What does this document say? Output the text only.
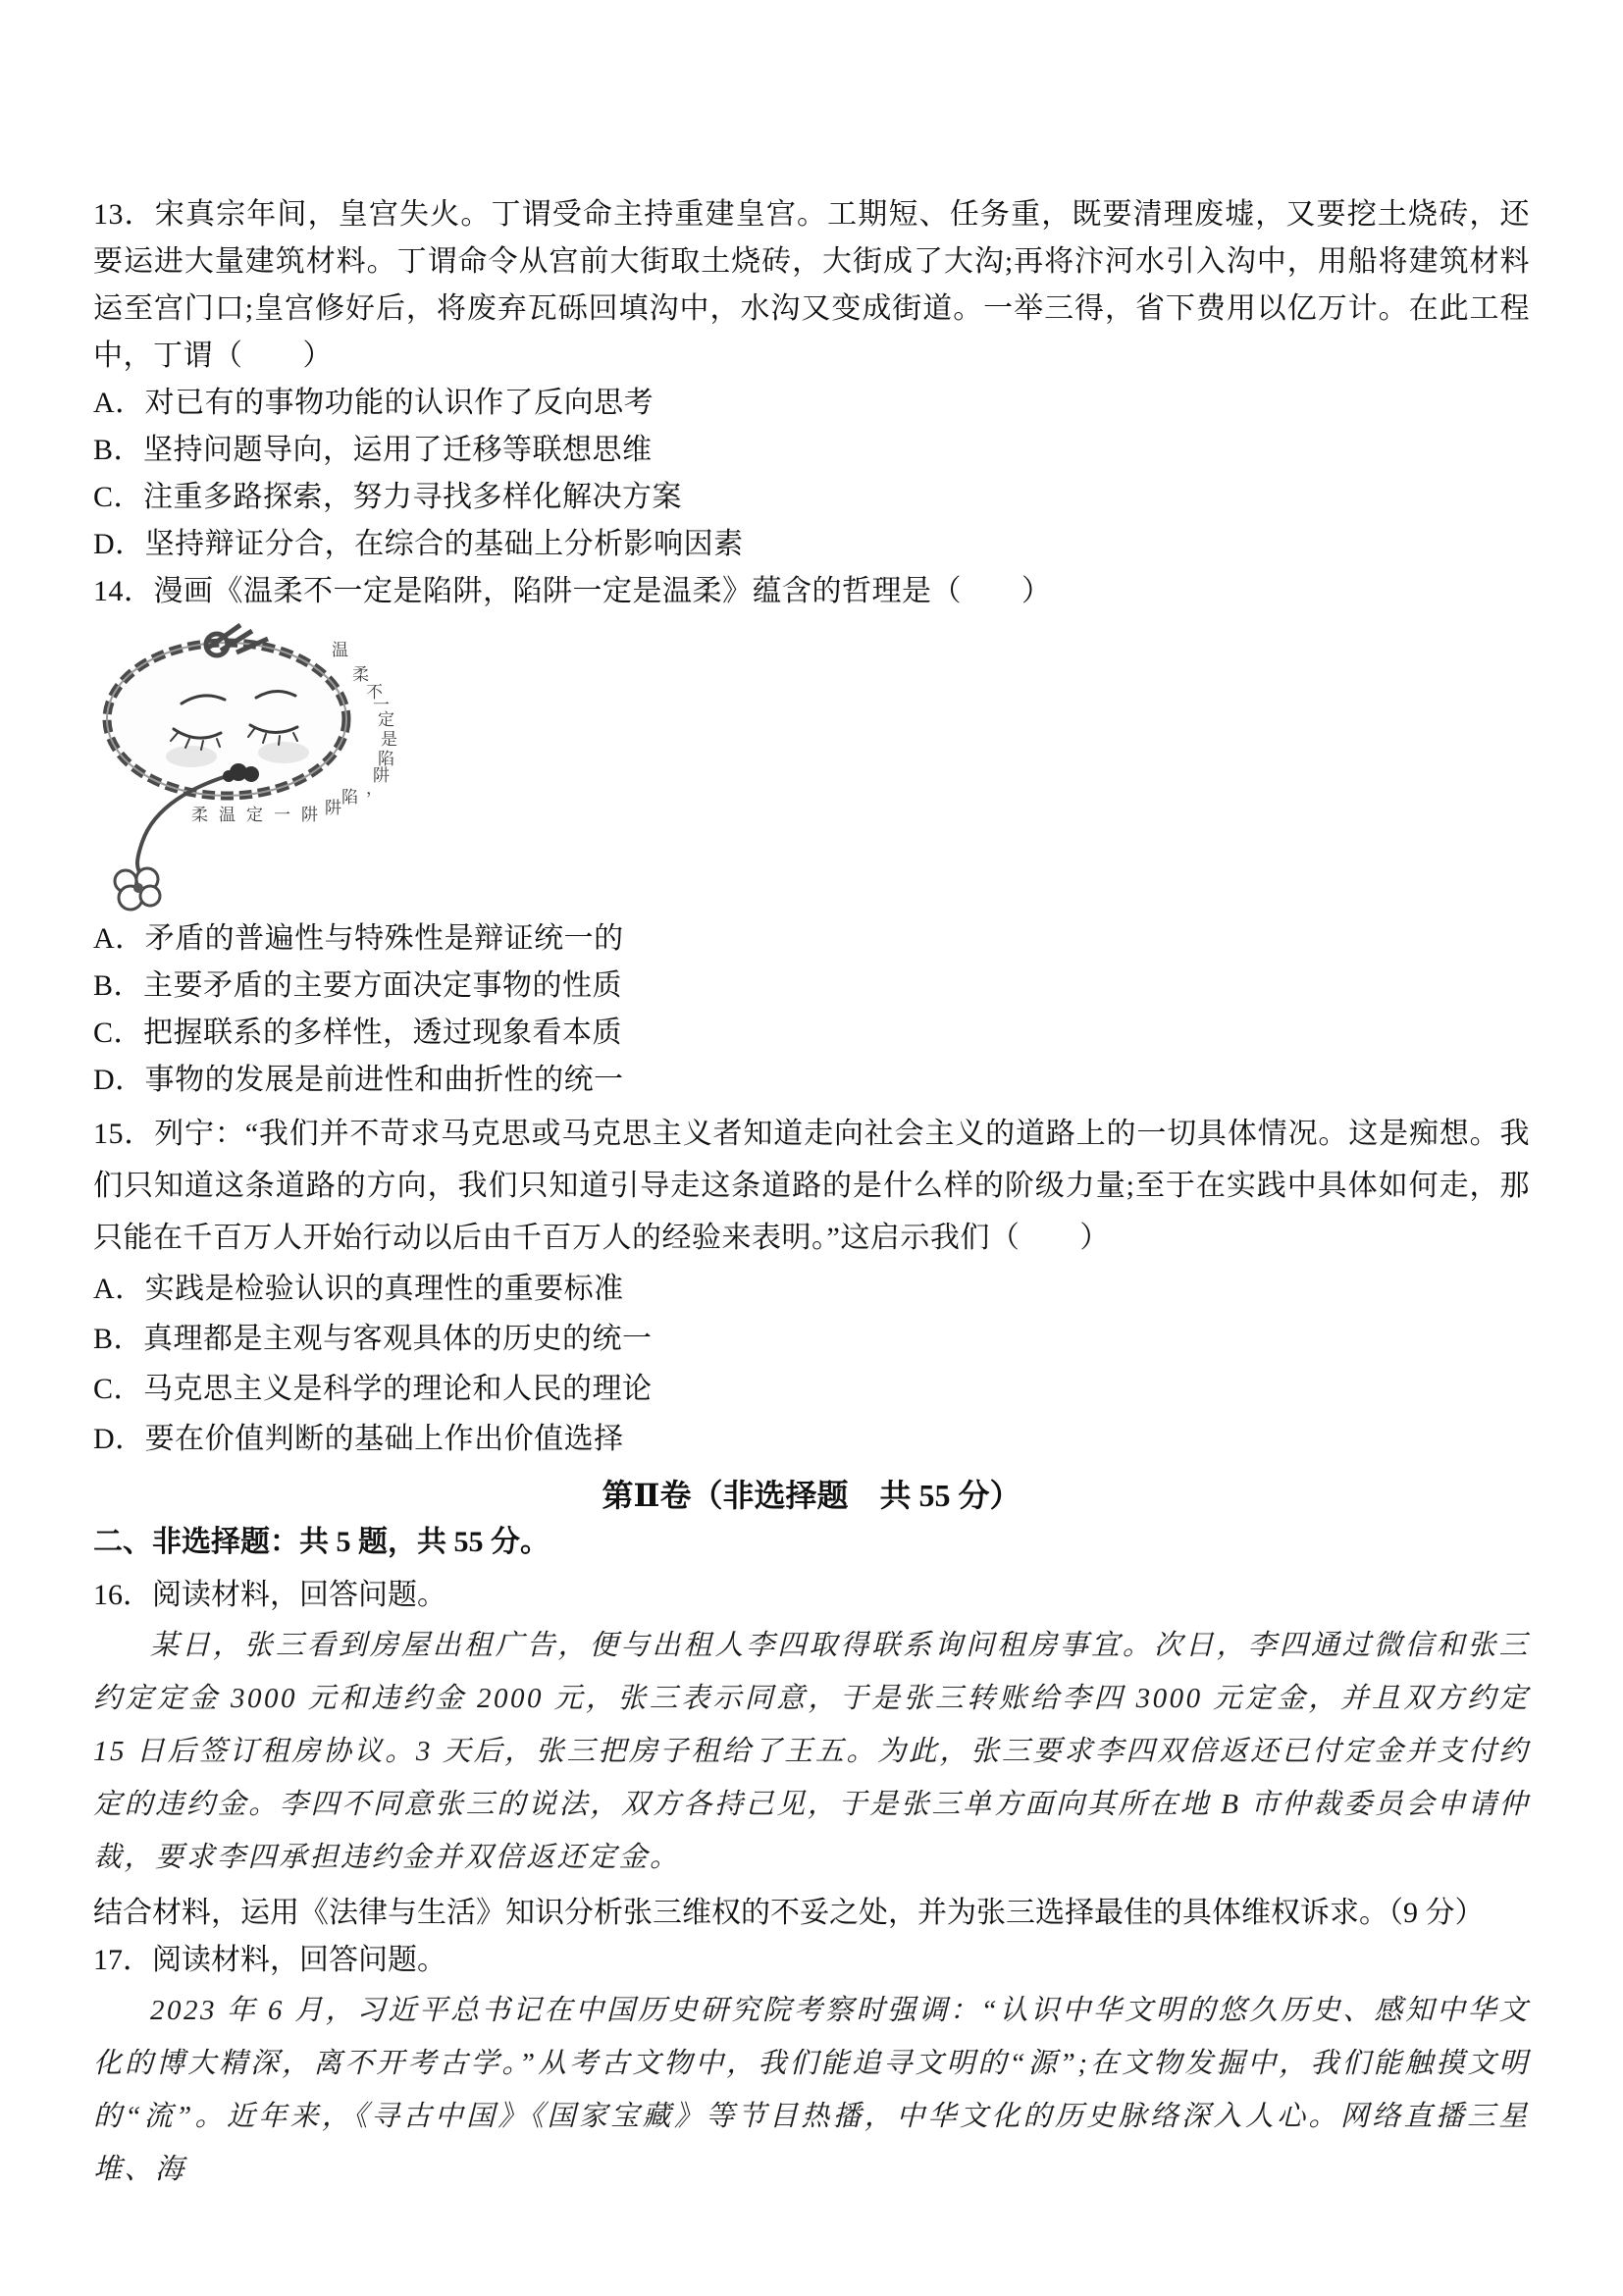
13．宋真宗年间，皇宫失火。丁谓受命主持重建皇宫。工期短、任务重，既要清理废墟，又要挖土烧砖，还要运进大量建筑材料。丁谓命令从宫前大街取土烧砖，大街成了大沟;再将汴河水引入沟中，用船将建筑材料运至宫门口;皇宫修好后，将废弃瓦砾回填沟中，水沟又变成街道。一举三得，省下费用以亿万计。在此工程中，丁谓（　　）

A．对已有的事物功能的认识作了反向思考

B．坚持问题导向，运用了迁移等联想思维

C．注重多路探索，努力寻找多样化解决方案

D．坚持辩证分合，在综合的基础上分析影响因素

14．漫画《温柔不一定是陷阱，陷阱一定是温柔》蕴含的哲理是（　　）

温
柔
不
一
定
是
陷
阱
，
陷
阱
柔温定一阱

A．矛盾的普遍性与特殊性是辩证统一的

B．主要矛盾的主要方面决定事物的性质

C．把握联系的多样性，透过现象看本质

D．事物的发展是前进性和曲折性的统一

15．列宁：“我们并不苛求马克思或马克思主义者知道走向社会主义的道路上的一切具体情况。这是痴想。我们只知道这条道路的方向，我们只知道引导走这条道路的是什么样的阶级力量;至于在实践中具体如何走，那只能在千百万人开始行动以后由千百万人的经验来表明。”这启示我们（　　）

A．实践是检验认识的真理性的重要标准

B．真理都是主观与客观具体的历史的统一

C．马克思主义是科学的理论和人民的理论

D．要在价值判断的基础上作出价值选择

第Ⅱ卷（非选择题　共 55 分）

二、非选择题：共 5 题，共 55 分。

16．阅读材料，回答问题。

某日，张三看到房屋出租广告，便与出租人李四取得联系询问租房事宜。次日，李四通过微信和张三约定定金 3000 元和违约金 2000 元，张三表示同意，于是张三转账给李四 3000 元定金，并且双方约定 15 日后签订租房协议。3 天后，张三把房子租给了王五。为此，张三要求李四双倍返还已付定金并支付约定的违约金。李四不同意张三的说法，双方各持己见，于是张三单方面向其所在地 B 市仲裁委员会申请仲裁，要求李四承担违约金并双倍返还定金。

结合材料，运用《法律与生活》知识分析张三维权的不妥之处，并为张三选择最佳的具体维权诉求。（9 分）

17．阅读材料，回答问题。

2023 年 6 月，习近平总书记在中国历史研究院考察时强调：“认识中华文明的悠久历史、感知中华文化的博大精深，离不开考古学。”从考古文物中，我们能追寻文明的“源”;在文物发掘中，我们能触摸文明的“流”。近年来，《寻古中国》《国家宝藏》等节目热播，中华文化的历史脉络深入人心。网络直播三星堆、海
